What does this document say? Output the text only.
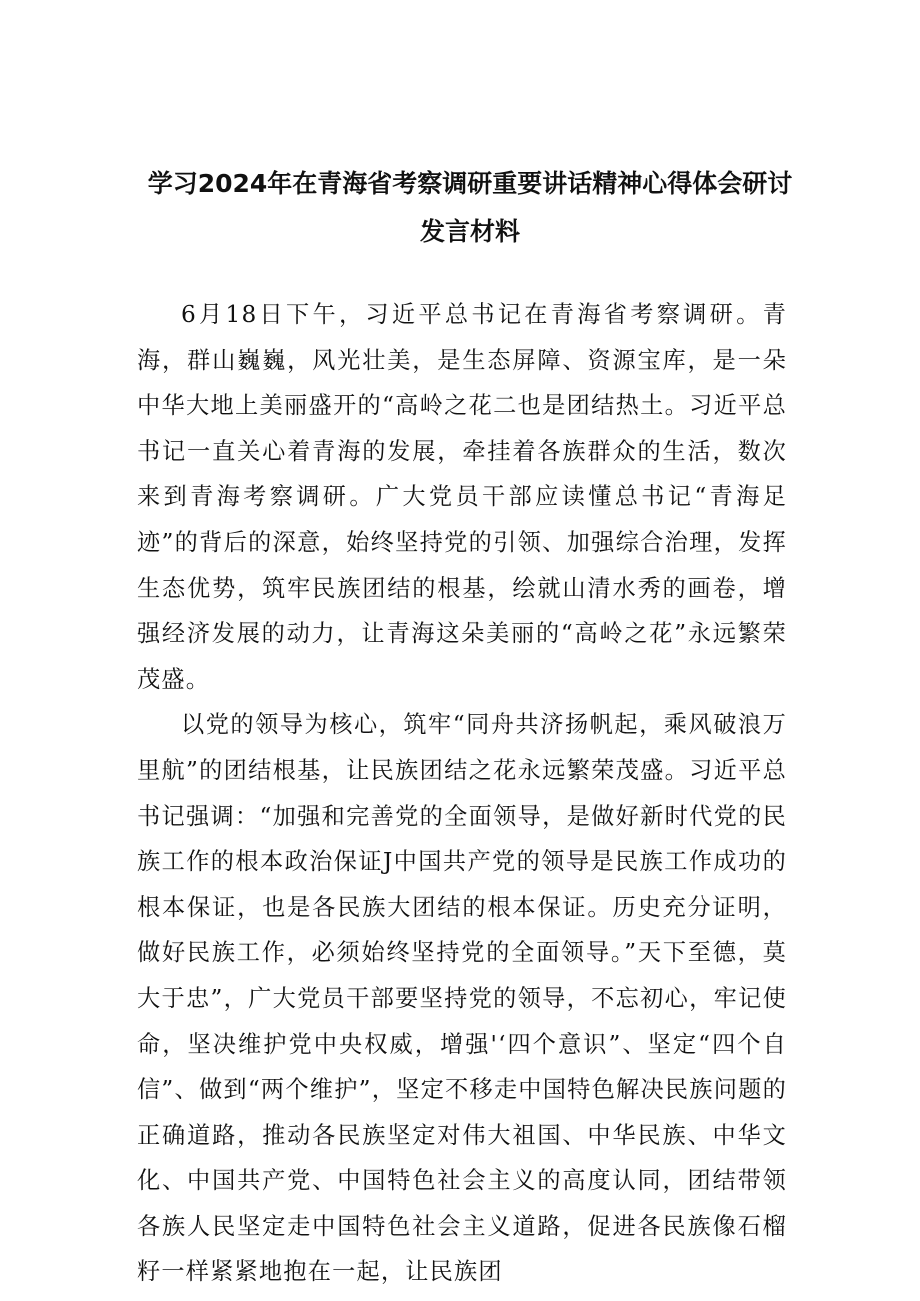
学习2024年在青海省考察调研重要讲话精神心得体会研讨发言材料

6月18日下午，习近平总书记在青海省考察调研。青海，群山巍巍，风光壮美，是生态屏障、资源宝库，是一朵中华大地上美丽盛开的“高岭之花二也是团结热土。习近平总书记一直关心着青海的发展，牵挂着各族群众的生活，数次来到青海考察调研。广大党员干部应读懂总书记“青海足迹”的背后的深意，始终坚持党的引领、加强综合治理，发挥生态优势，筑牢民族团结的根基，绘就山清水秀的画卷，增强经济发展的动力，让青海这朵美丽的“高岭之花”永远繁荣茂盛。

以党的领导为核心，筑牢“同舟共济扬帆起，乘风破浪万里航”的团结根基，让民族团结之花永远繁荣茂盛。习近平总书记强调：“加强和完善党的全面领导，是做好新时代党的民族工作的根本政治保证J中国共产党的领导是民族工作成功的根本保证，也是各民族大团结的根本保证。历史充分证明，做好民族工作，必须始终坚持党的全面领导。”天下至德，莫大于忠”，广大党员干部要坚持党的领导，不忘初心，牢记使命，坚决维护党中央权威，增强'‘四个意识”、坚定“四个自信”、做到“两个维护”，坚定不移走中国特色解决民族问题的正确道路，推动各民族坚定对伟大祖国、中华民族、中华文化、中国共产党、中国特色社会主义的高度认同，团结带领各族人民坚定走中国特色社会主义道路，促进各民族像石榴籽一样紧紧地抱在一起，让民族团
